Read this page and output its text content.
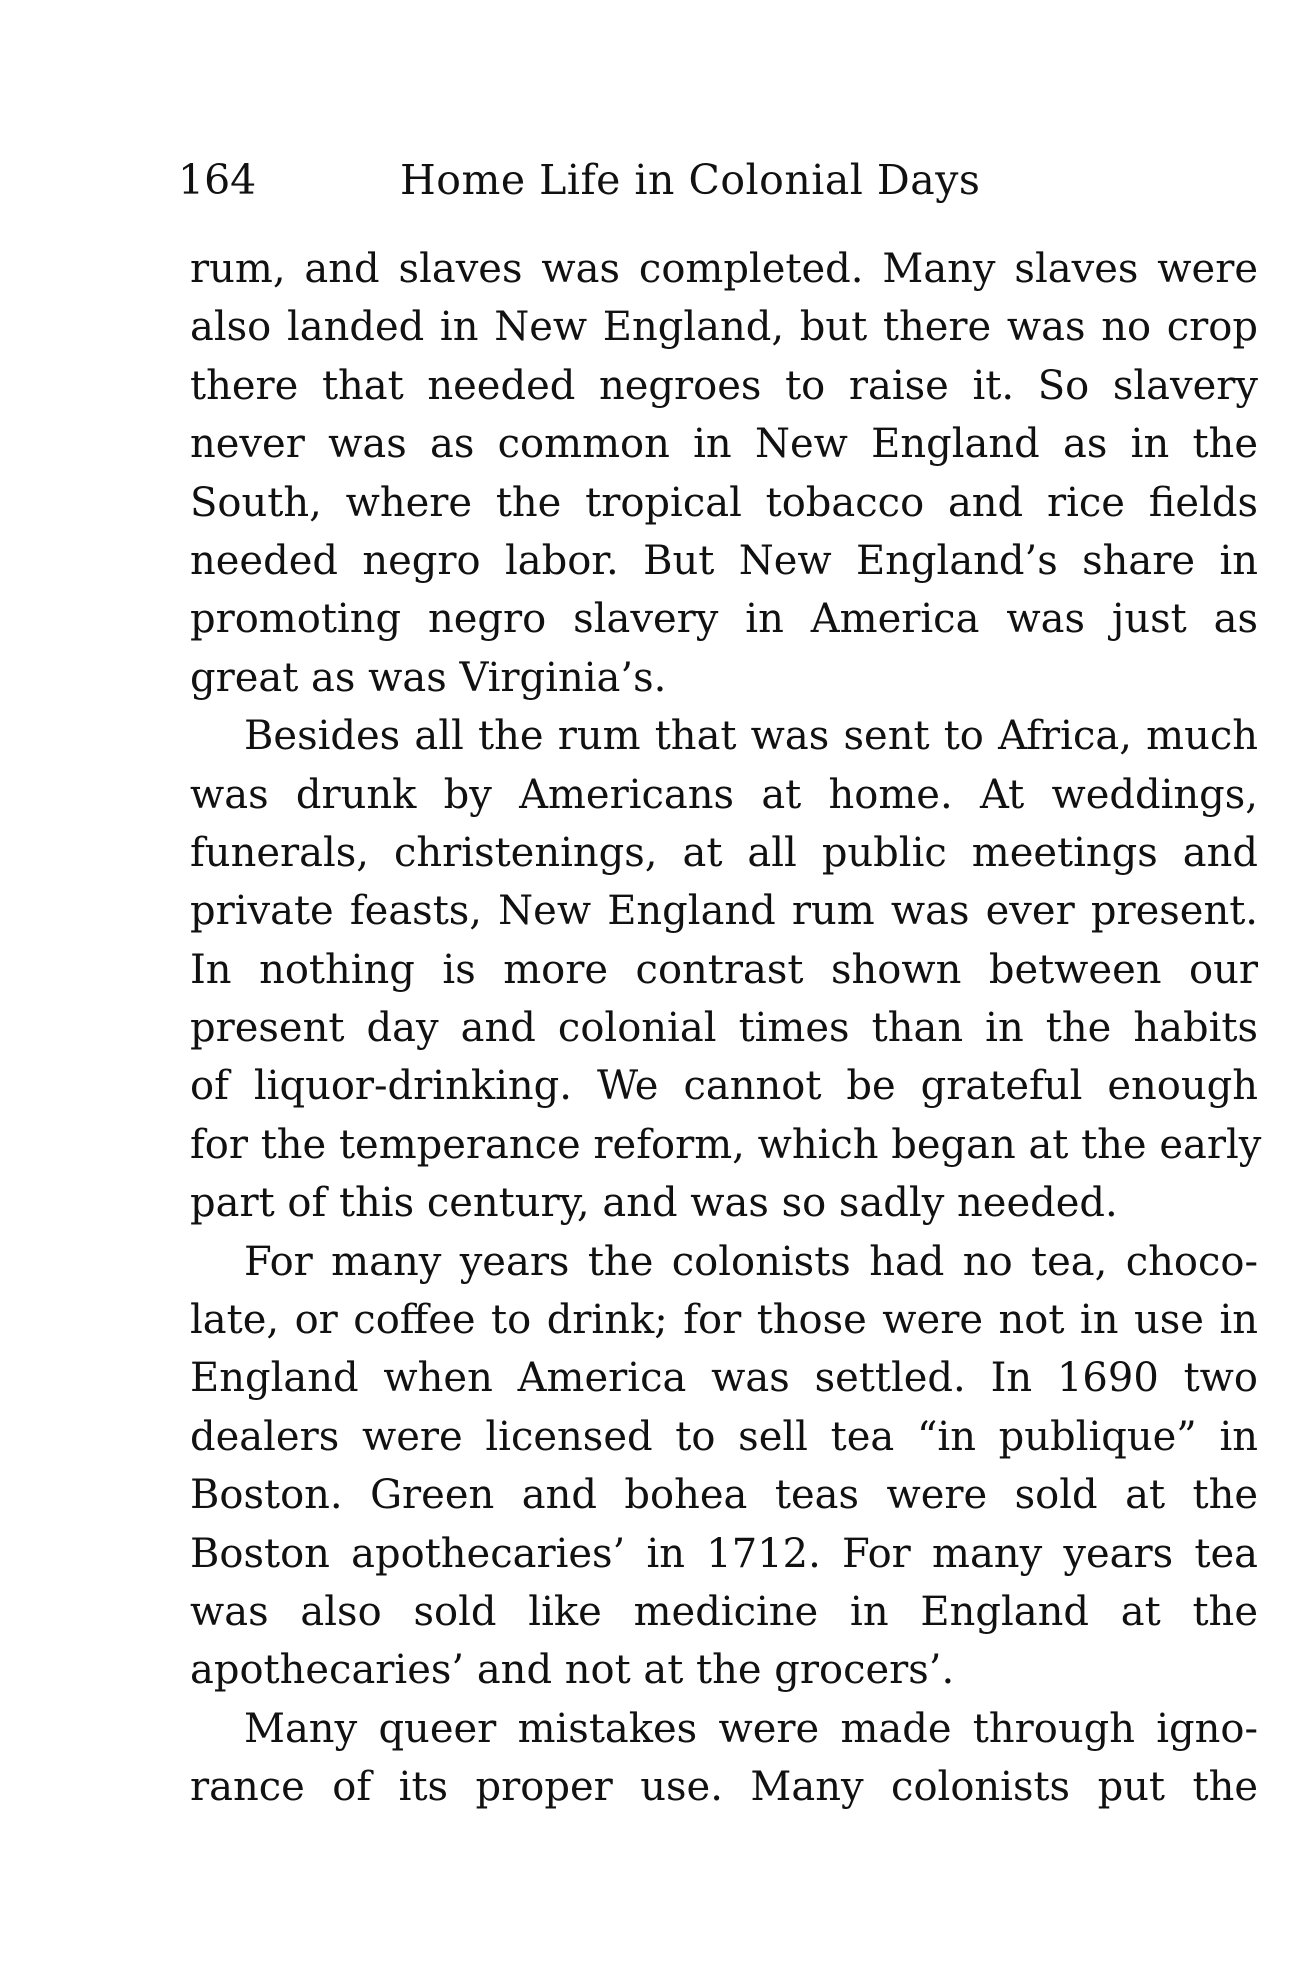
164	Home Life in Colonial Days
rum, and slaves was completed. Many slaves were
also landed in New England, but there was no crop
there that needed negroes to raise it. So slavery
never was as common in New England as in the
South, where the tropical tobacco and rice fields
needed negro labor. But New England’s share in
promoting negro slavery in America was just as
great as was Virginia’s.
Besides all the rum that was sent to Africa, much
was drunk by Americans at home. At weddings,
funerals, christenings, at all public meetings and
private feasts, New England rum was ever present.
In nothing is more contrast shown between our
present day and colonial times than in the habits
of liquor-drinking. We cannot be grateful enough
for the temperance reform, which began at the early
part of this century, and was so sadly needed.
For many years the colonists had no tea, choco-
late, or coffee to drink; for those were not in use in
England when America was settled. In 1690 two
dealers were licensed to sell tea “in publique” in
Boston. Green and bohea teas were sold at the
Boston apothecaries’ in 1712. For many years tea
was also sold like medicine in England at the
apothecaries’ and not at the grocers’.
Many queer mistakes were made through igno-
rance of its proper use. Many colonists put the
